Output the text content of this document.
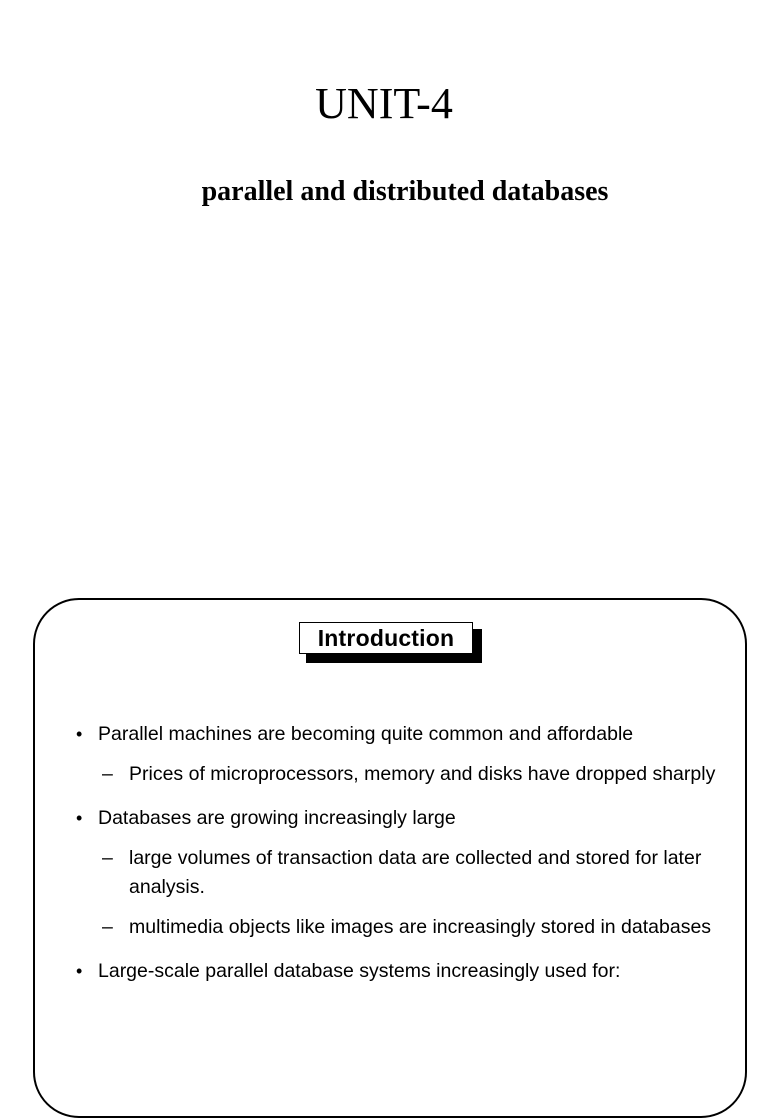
UNIT-4
parallel and distributed databases
Introduction
• Parallel machines are becoming quite common and affordable
– Prices of microprocessors, memory and disks have dropped sharply
• Databases are growing increasingly large
– large volumes of transaction data are collected and stored for later analysis.
– multimedia objects like images are increasingly stored in databases
• Large-scale parallel database systems increasingly used for:
